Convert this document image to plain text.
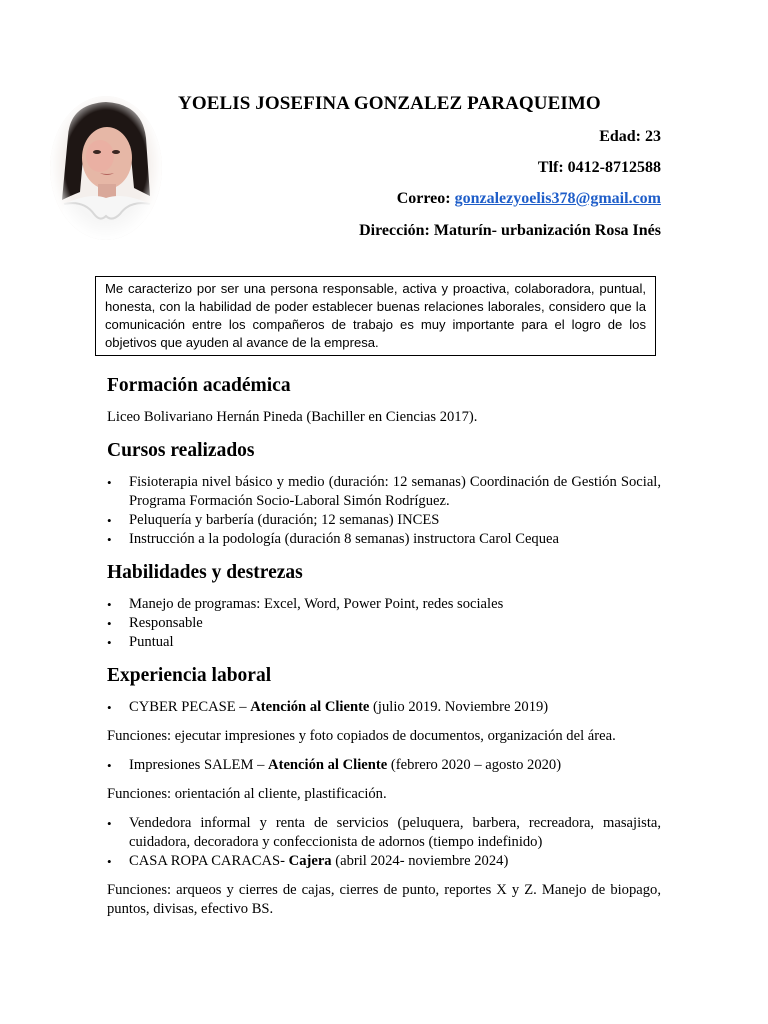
YOELIS JOSEFINA GONZALEZ PARAQUEIMO
Edad: 23
Tlf: 0412-8712588
Correo: gonzalezyoelis378@gmail.com
Dirección: Maturín- urbanización Rosa Inés
Me caracterizo por ser una persona responsable, activa y proactiva, colaboradora, puntual, honesta, con la habilidad de poder establecer buenas relaciones laborales, considero que la comunicación entre los compañeros de trabajo es muy importante para el logro de los objetivos que ayuden al avance de la empresa.
Formación académica

Liceo Bolivariano Hernán Pineda (Bachiller en Ciencias 2017).

Cursos realizados
• Fisioterapia nivel básico y medio (duración: 12 semanas) Coordinación de Gestión Social, Programa Formación Socio-Laboral Simón Rodríguez.
• Peluquería y barbería (duración; 12 semanas) INCES
• Instrucción a la podología (duración 8 semanas) instructora Carol Cequea
Habilidades y destrezas
• Manejo de programas: Excel, Word, Power Point, redes sociales
• Responsable
• Puntual
Experiencia laboral
• CYBER PECASE – Atención al Cliente (julio 2019. Noviembre 2019)

Funciones: ejecutar impresiones y foto copiados de documentos, organización del área.

• Impresiones SALEM – Atención al Cliente (febrero 2020 – agosto 2020)

Funciones: orientación al cliente, plastificación.

• Vendedora informal y renta de servicios (peluquera, barbera, recreadora, masajista, cuidadora, decoradora y confeccionista de adornos (tiempo indefinido)
• CASA ROPA CARACAS- Cajera (abril 2024- noviembre 2024)

Funciones: arqueos y cierres de cajas, cierres de punto, reportes X y Z. Manejo de biopago, puntos, divisas, efectivo BS.
